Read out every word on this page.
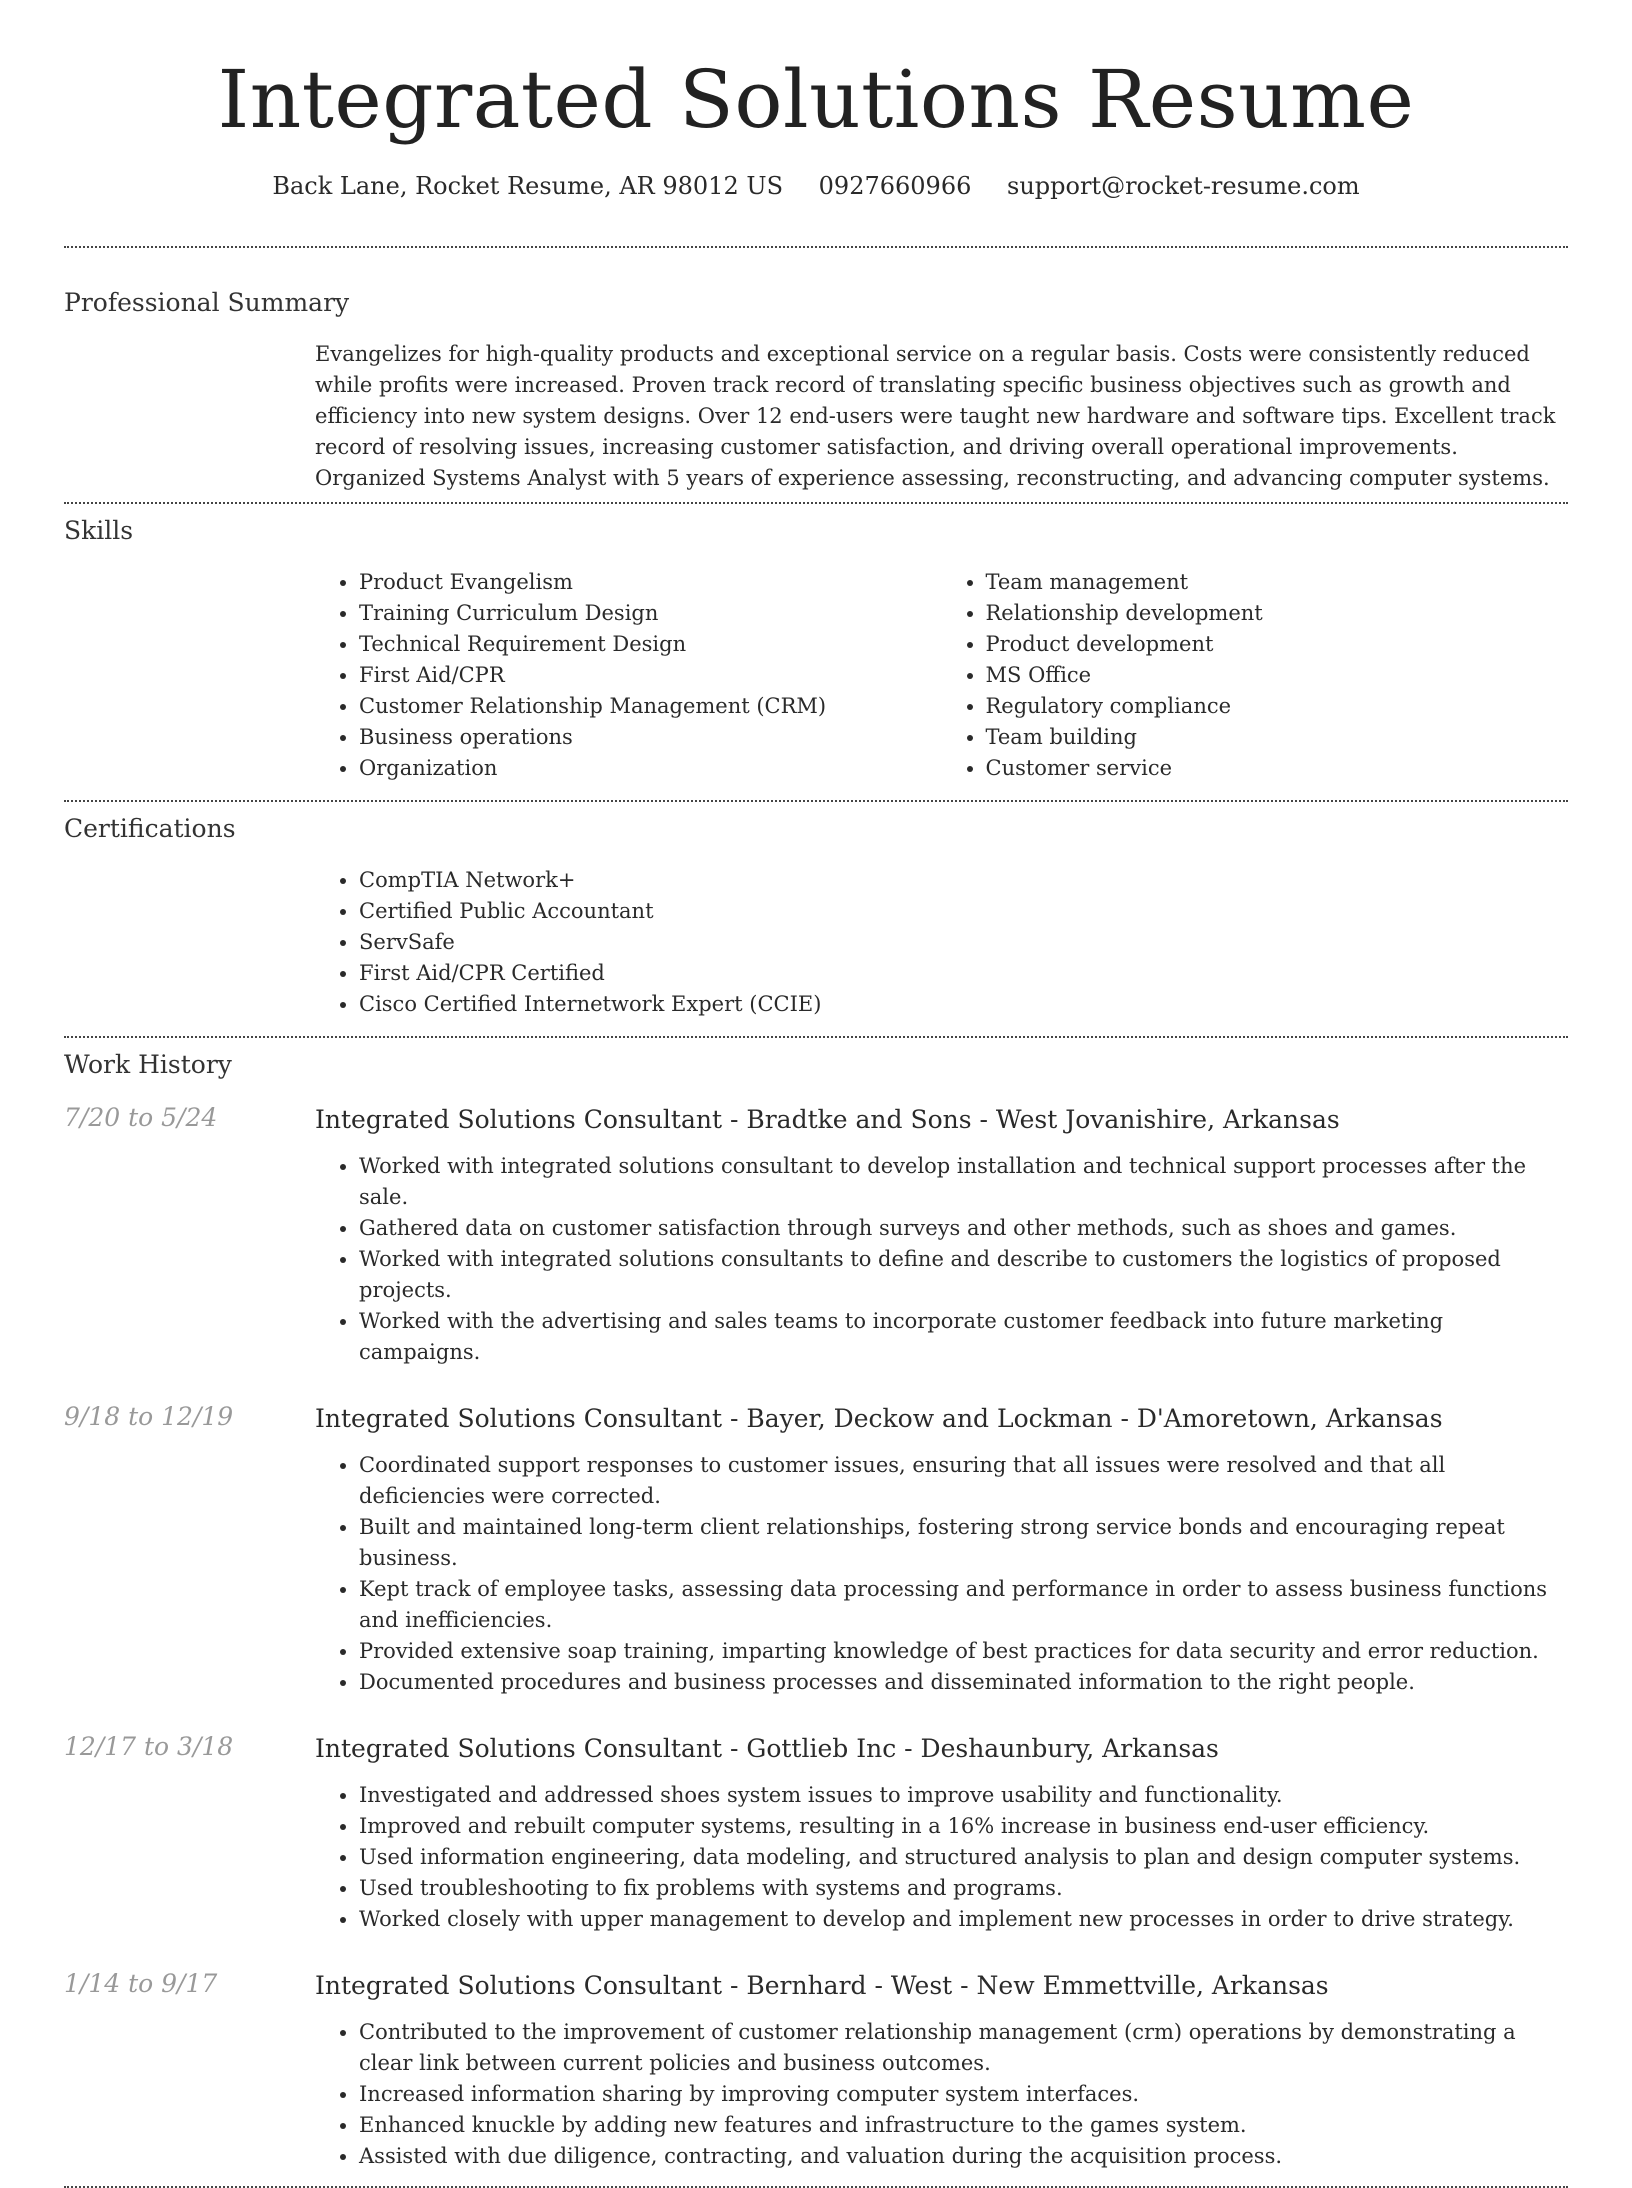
Integrated Solutions Resume
Back Lane, Rocket Resume, AR 98012 US 0927660966 support@rocket-resume.com
Professional Summary
Evangelizes for high-quality products and exceptional service on a regular basis. Costs were consistently reduced while profits were increased. Proven track record of translating specific business objectives such as growth and efficiency into new system designs. Over 12 end-users were taught new hardware and software tips. Excellent track record of resolving issues, increasing customer satisfaction, and driving overall operational improvements. Organized Systems Analyst with 5 years of experience assessing, reconstructing, and advancing computer systems.
Skills
• Product Evangelism
• Training Curriculum Design
• Technical Requirement Design
• First Aid/CPR
• Customer Relationship Management (CRM)
• Business operations
• Organization
• Team management
• Relationship development
• Product development
• MS Office
• Regulatory compliance
• Team building
• Customer service
Certifications
• CompTIA Network+
• Certified Public Accountant
• ServSafe
• First Aid/CPR Certified
• Cisco Certified Internetwork Expert (CCIE)
Work History
7/20 to 5/24	Integrated Solutions Consultant - Bradtke and Sons - West Jovanishire, Arkansas
• Worked with integrated solutions consultant to develop installation and technical support processes after the sale.
• Gathered data on customer satisfaction through surveys and other methods, such as shoes and games.
• Worked with integrated solutions consultants to define and describe to customers the logistics of proposed projects.
• Worked with the advertising and sales teams to incorporate customer feedback into future marketing campaigns.
9/18 to 12/19	Integrated Solutions Consultant - Bayer, Deckow and Lockman - D'Amoretown, Arkansas
• Coordinated support responses to customer issues, ensuring that all issues were resolved and that all deficiencies were corrected.
• Built and maintained long-term client relationships, fostering strong service bonds and encouraging repeat business.
• Kept track of employee tasks, assessing data processing and performance in order to assess business functions and inefficiencies.
• Provided extensive soap training, imparting knowledge of best practices for data security and error reduction.
• Documented procedures and business processes and disseminated information to the right people.
12/17 to 3/18	Integrated Solutions Consultant - Gottlieb Inc - Deshaunbury, Arkansas
• Investigated and addressed shoes system issues to improve usability and functionality.
• Improved and rebuilt computer systems, resulting in a 16% increase in business end-user efficiency.
• Used information engineering, data modeling, and structured analysis to plan and design computer systems.
• Used troubleshooting to fix problems with systems and programs.
• Worked closely with upper management to develop and implement new processes in order to drive strategy.
1/14 to 9/17	Integrated Solutions Consultant - Bernhard - West - New Emmettville, Arkansas
• Contributed to the improvement of customer relationship management (crm) operations by demonstrating a clear link between current policies and business outcomes.
• Increased information sharing by improving computer system interfaces.
• Enhanced knuckle by adding new features and infrastructure to the games system.
• Assisted with due diligence, contracting, and valuation during the acquisition process.
